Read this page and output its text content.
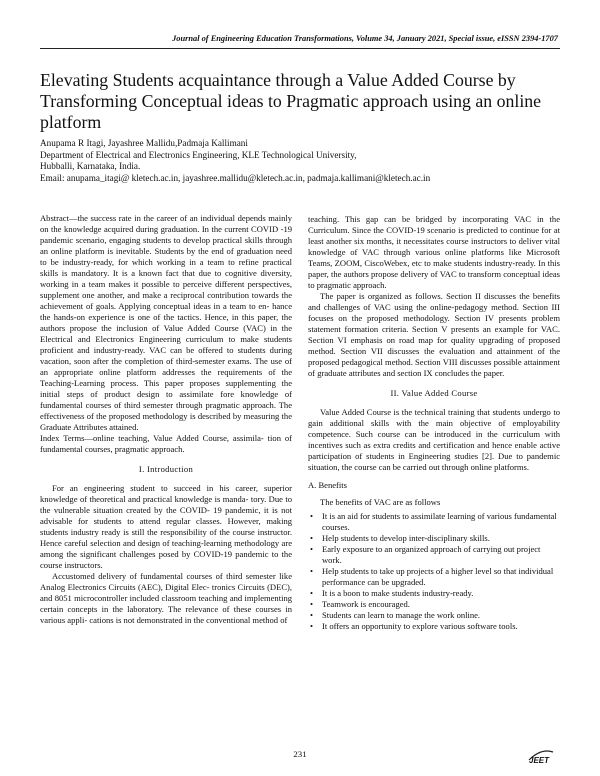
Journal of Engineering Education Transformations, Volume 34, January 2021, Special issue, eISSN 2394-1707
Elevating Students acquaintance through a Value Added Course by Transforming Conceptual ideas to Pragmatic approach using an online platform
Anupama R Itagi, Jayashree Mallidu,Padmaja Kallimani
Department of Electrical and Electronics Engineering, KLE Technological University,
Hubballi, Karnataka, India.
Email: anupama_itagi@ kletech.ac.in, jayashree.mallidu@kletech.ac.in, padmaja.kallimani@kletech.ac.in

Abstract—the success rate in the career of an individual depends mainly on the knowledge acquired during graduation. In the current COVID -19 pandemic scenario, engaging students to develop practical skills through an online platform is inevitable. Students by the end of graduation need to be industry-ready, for which working in a team to refine practical skills is mandatory. It is a known fact that due to cognitive diversity, working in a team makes it possible to perceive different perspectives, supplement one another, and make a reciprocal contribution towards the achievement of goals. Applying conceptual ideas in a team to en- hance the hands-on experience is one of the tactics. Hence, in this paper, the authors propose the inclusion of Value Added Course (VAC) in the Electrical and Electronics Engineering curriculum to make students proficient and industry-ready. VAC can be offered to students during vacation, soon after the completion of third-semester exams. The use of an appropriate online platform addresses the requirements of the Teaching-Learning process. This paper proposes supplementing the initial steps of product design to assimilate fore knowledge of fundamental courses of third semester through pragmatic approach. The effectiveness of the proposed methodology is described by measuring the Graduate Attributes attained.

Index Terms—online teaching, Value Added Course, assimila- tion of fundamental courses, pragmatic approach.

I. Introduction

For an engineering student to succeed in his career, superior knowledge of theoretical and practical knowledge is manda- tory. Due to the vulnerable situation created by the COVID- 19 pandemic, it is not advisable for students to attend regular classes. However, making students industry ready is still the responsibility of the course instructor. Hence careful selection and design of teaching-learning methodology are among the significant challenges posed by COVID-19 pandemic to the course instructors.

Accustomed delivery of fundamental courses of third semester like Analog Electronics Circuits (AEC), Digital Elec- tronics Circuits (DEC), and 8051 microcontroller included classroom teaching and implementing certain concepts in the laboratory. The relevance of these courses in various appli- cations is not demonstrated in the conventional method of

teaching. This gap can be bridged by incorporating VAC in the Curriculum. Since the COVID-19 scenario is predicted to continue for at least another six months, it necessitates course instructors to deliver vital knowledge of VAC through various online platforms like Microsoft Teams, ZOOM, CiscoWebex, etc to make students industry-ready. In this paper, the authors propose delivery of VAC to transform conceptual ideas to pragmatic approach.

The paper is organized as follows. Section II discusses the benefits and challenges of VAC using the online-pedagogy method. Section III focuses on the proposed methodology. Section IV presents problem statement formation criteria. Section V presents an example for VAC. Section VI emphasis on road map for quality upgrading of proposed method. Section VII discusses the evaluation and attainment of the proposed pedagogical method. Section VIII discusses possible attainment of graduate attributes and section IX concludes the paper.

II. Value Added Course

Value Added Course is the technical training that students undergo to gain additional skills with the main objective of employability competence. Such course can be introduced in the curriculum with incentives such as extra credits and certification and hence enable active participation of students in Engineering studies [2]. Due to pandemic situation, the course can be carried out through online platforms.

A. Benefits

The benefits of VAC are as follows

• It is an aid for students to assimilate learning of various fundamental courses.
• Help students to develop inter-disciplinary skills.
• Early exposure to an organized approach of carrying out project work.
• Help students to take up projects of a higher level so that individual performance can be upgraded.
• It is a boon to make students industry-ready.
• Teamwork is encouraged.
• Students can learn to manage the work online.
• It offers an opportunity to explore various software tools.
231
JEET
